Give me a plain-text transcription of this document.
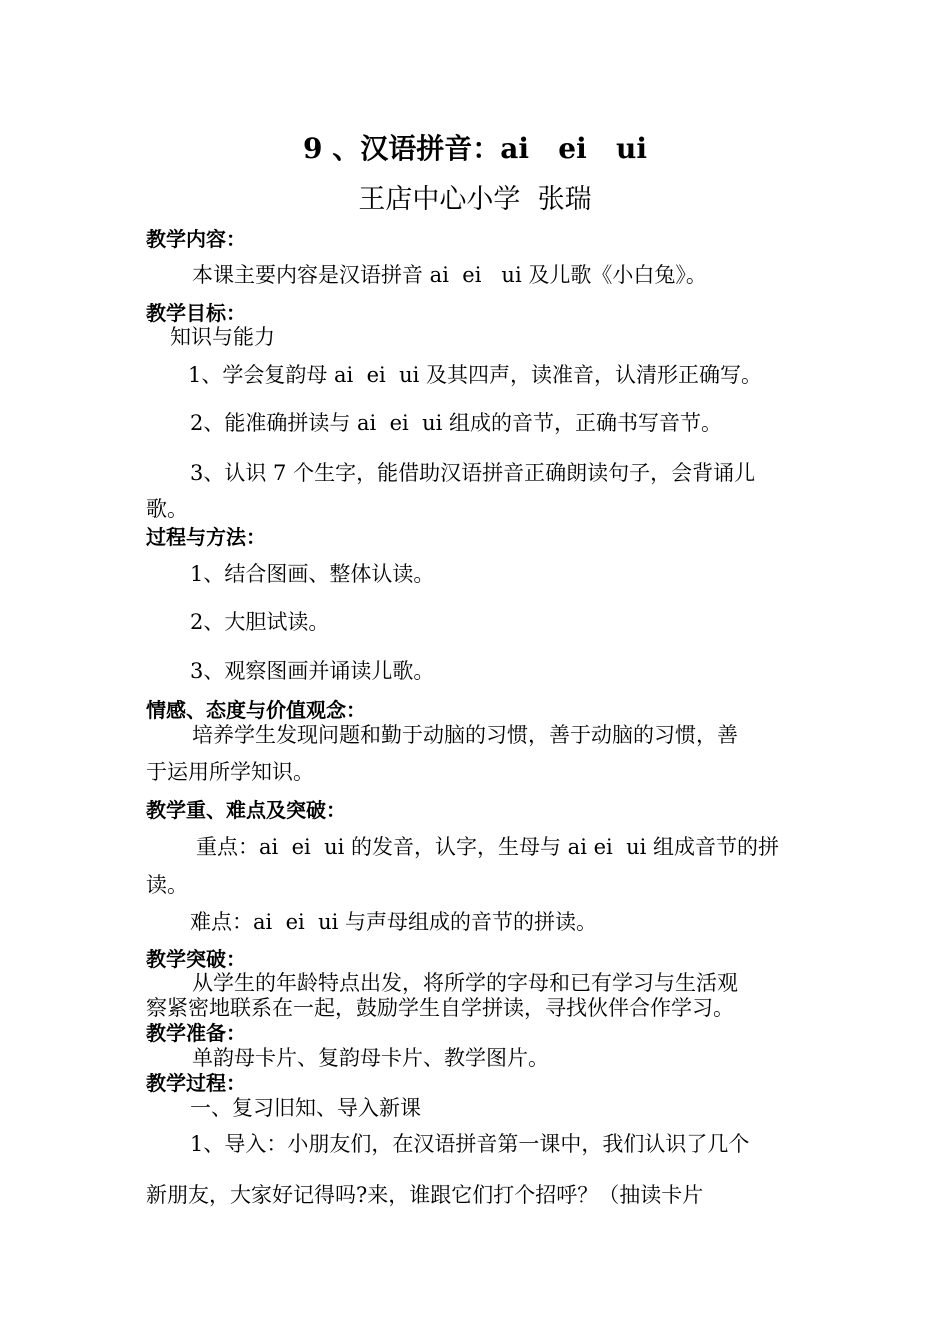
9 、汉语拼音：ai   ei   ui
王店中心小学  张瑞
教学内容：
本课主要内容是汉语拼音 ai  ei   ui 及儿歌《小白兔》。
教学目标：
知识与能力
1、学会复韵母 ai  ei  ui 及其四声，读准音，认清形正确写。
2、能准确拼读与 ai  ei  ui 组成的音节，正确书写音节。
3、认识 7 个生字，能借助汉语拼音正确朗读句子，会背诵儿
歌。
过程与方法：
1、结合图画、整体认读。
2、大胆试读。
3、观察图画并诵读儿歌。
情感、态度与价值观念：
培养学生发现问题和勤于动脑的习惯，善于动脑的习惯，善
于运用所学知识。
教学重、难点及突破：
重点：ai  ei  ui 的发音，认字，生母与 ai ei  ui 组成音节的拼
读。
难点：ai  ei  ui 与声母组成的音节的拼读。
教学突破：
从学生的年龄特点出发，将所学的字母和已有学习与生活观
察紧密地联系在一起，鼓励学生自学拼读，寻找伙伴合作学习。
教学准备：
单韵母卡片、复韵母卡片、教学图片。
教学过程：
一、复习旧知、导入新课
1、导入：小朋友们，在汉语拼音第一课中，我们认识了几个
新朋友，大家好记得吗?来，谁跟它们打个招呼？（抽读卡片
